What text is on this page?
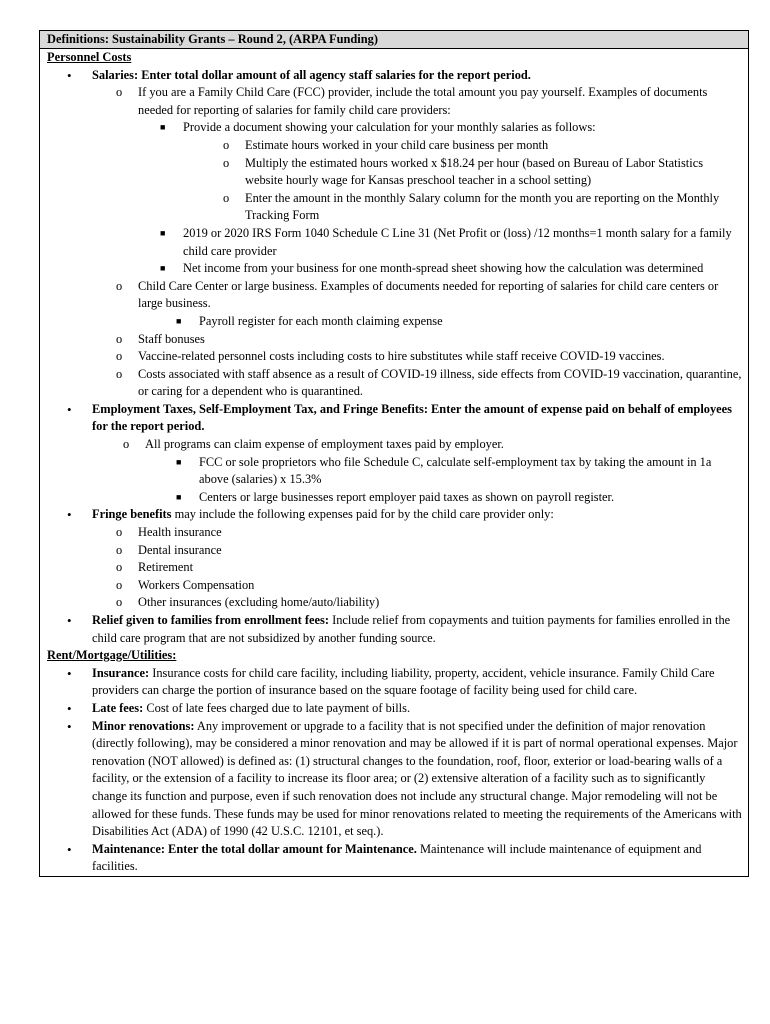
Definitions: Sustainability Grants – Round 2, (ARPA Funding)
Personnel Costs
• Salaries: Enter total dollar amount of all agency staff salaries for the report period.
o If you are a Family Child Care (FCC) provider, include the total amount you pay yourself. Examples of documents needed for reporting of salaries for family child care providers:
■ Provide a document showing your calculation for your monthly salaries as follows:
o Estimate hours worked in your child care business per month
o Multiply the estimated hours worked x $18.24 per hour (based on Bureau of Labor Statistics website hourly wage for Kansas preschool teacher in a school setting)
o Enter the amount in the monthly Salary column for the month you are reporting on the Monthly Tracking Form
■ 2019 or 2020 IRS Form 1040 Schedule C Line 31 (Net Profit or (loss) /12 months=1 month salary for a family child care provider
■ Net income from your business for one month-spread sheet showing how the calculation was determined
o Child Care Center or large business. Examples of documents needed for reporting of salaries for child care centers or large business.
■ Payroll register for each month claiming expense
o Staff bonuses
o Vaccine-related personnel costs including costs to hire substitutes while staff receive COVID-19 vaccines.
o Costs associated with staff absence as a result of COVID-19 illness, side effects from COVID-19 vaccination, quarantine, or caring for a dependent who is quarantined.
• Employment Taxes, Self-Employment Tax, and Fringe Benefits: Enter the amount of expense paid on behalf of employees for the report period.
o All programs can claim expense of employment taxes paid by employer.
■ FCC or sole proprietors who file Schedule C, calculate self-employment tax by taking the amount in 1a above (salaries) x 15.3%
■ Centers or large businesses report employer paid taxes as shown on payroll register.
• Fringe benefits may include the following expenses paid for by the child care provider only:
o Health insurance
o Dental insurance
o Retirement
o Workers Compensation
o Other insurances (excluding home/auto/liability)
• Relief given to families from enrollment fees: Include relief from copayments and tuition payments for families enrolled in the child care program that are not subsidized by another funding source.
Rent/Mortgage/Utilities:
• Insurance: Insurance costs for child care facility, including liability, property, accident, vehicle insurance. Family Child Care providers can charge the portion of insurance based on the square footage of facility being used for child care.
• Late fees: Cost of late fees charged due to late payment of bills.
• Minor renovations: Any improvement or upgrade to a facility that is not specified under the definition of major renovation (directly following), may be considered a minor renovation and may be allowed if it is part of normal operational expenses. Major renovation (NOT allowed) is defined as: (1) structural changes to the foundation, roof, floor, exterior or load-bearing walls of a facility, or the extension of a facility to increase its floor area; or (2) extensive alteration of a facility such as to significantly change its function and purpose, even if such renovation does not include any structural change. Major remodeling will not be allowed for these funds. These funds may be used for minor renovations related to meeting the requirements of the Americans with Disabilities Act (ADA) of 1990 (42 U.S.C. 12101, et seq.).
• Maintenance: Enter the total dollar amount for Maintenance. Maintenance will include maintenance of equipment and facilities.
